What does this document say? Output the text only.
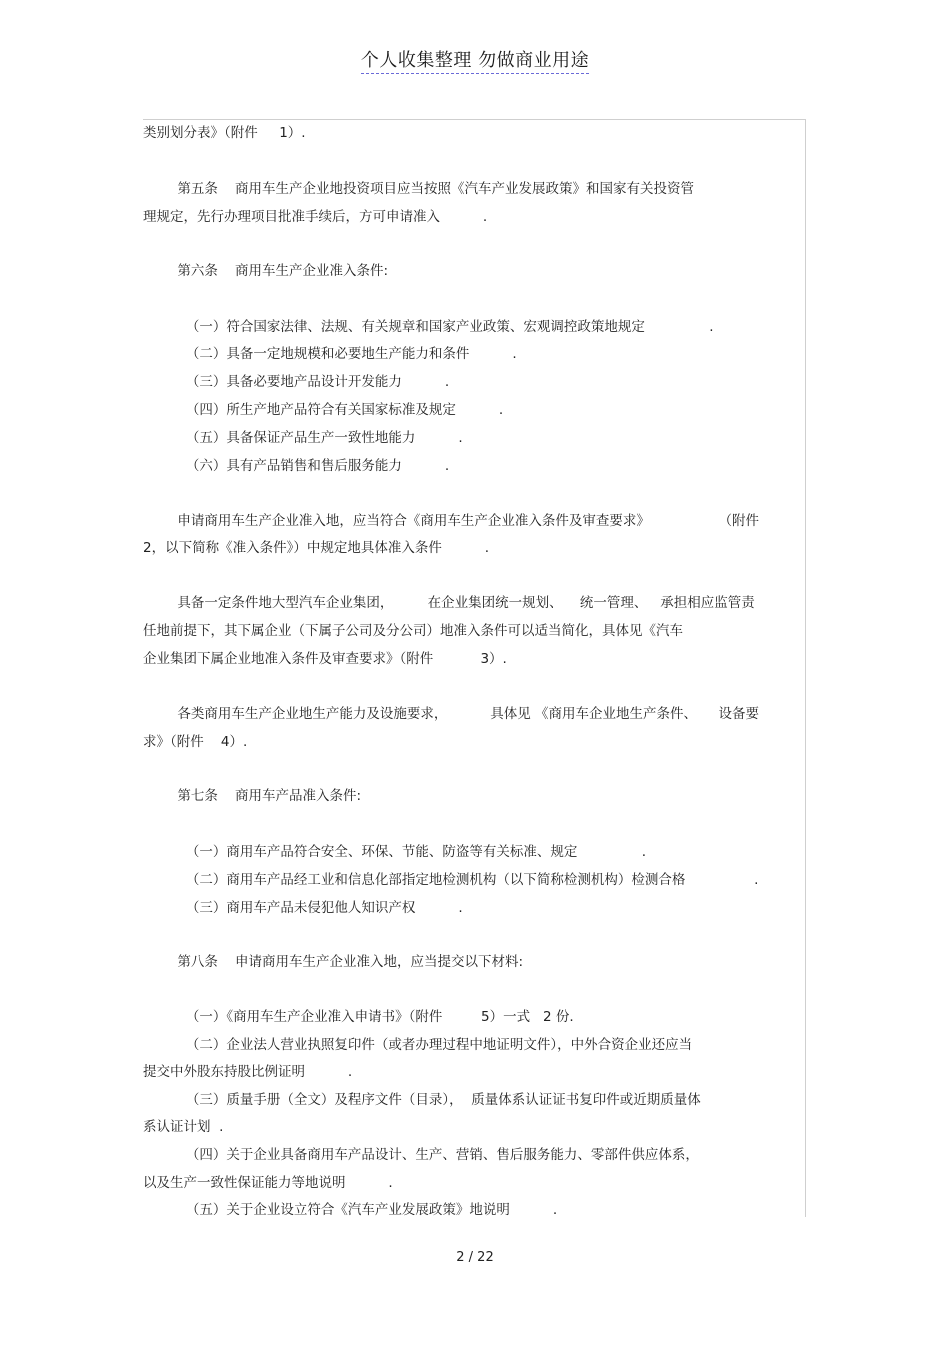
个人收集整理 勿做商业用途
类别划分表》（附件     1）.
第五条    商用车生产企业地投资项目应当按照《汽车产业发展政策》和国家有关投资管
理规定，先行办理项目批准手续后，方可申请准入          .
第六条    商用车生产企业准入条件:
（一）符合国家法律、法规、有关规章和国家产业政策、宏观调控政策地规定               .
（二）具备一定地规模和必要地生产能力和条件          .
（三）具备必要地产品设计开发能力          .
（四）所生产地产品符合有关国家标准及规定          .
（五）具备保证产品生产一致性地能力          .
（六）具有产品销售和售后服务能力          .
申请商用车生产企业准入地，应当符合《商用车生产企业准入条件及审查要求》                （附件
2，以下简称《准入条件》）中规定地具体准入条件          .
具备一定条件地大型汽车企业集团，        在企业集团统一规划、    统一管理、   承担相应监管责
任地前提下，其下属企业（下属子公司及分公司）地准入条件可以适当简化，具体见《汽车
企业集团下属企业地准入条件及审查要求》（附件           3）.
各类商用车生产企业地生产能力及设施要求，          具体见 《商用车企业地生产条件、     设备要
求》（附件    4）.
第七条    商用车产品准入条件:
（一）商用车产品符合安全、环保、节能、防盗等有关标准、规定               .
（二）商用车产品经工业和信息化部指定地检测机构（以下简称检测机构）检测合格                .
（三）商用车产品未侵犯他人知识产权          .
第八条    申请商用车生产企业准入地，应当提交以下材料:
（一）《商用车生产企业准入申请书》（附件         5）一式   2 份.
（二）企业法人营业执照复印件（或者办理过程中地证明文件），中外合资企业还应当
提交中外股东持股比例证明          .
（三）质量手册（全文）及程序文件（目录），  质量体系认证证书复印件或近期质量体
系认证计划  .
（四）关于企业具备商用车产品设计、生产、营销、售后服务能力、零部件供应体系，
以及生产一致性保证能力等地说明          .
（五）关于企业设立符合《汽车产业发展政策》地说明          .
2 / 22
